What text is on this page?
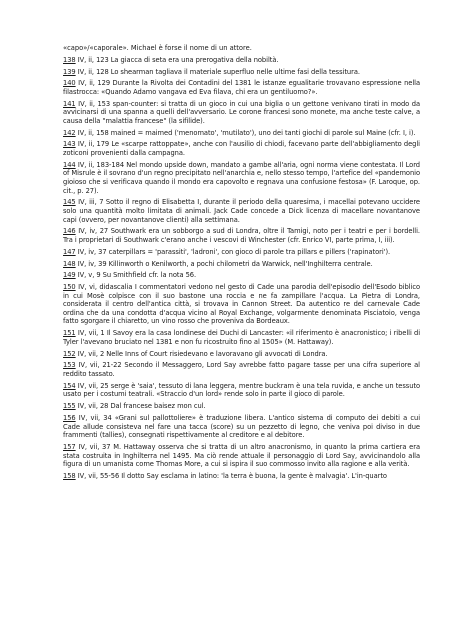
«capo»/«caporale». Michael è forse il nome di un attore.

138 IV, ii, 123 La giacca di seta era una prerogativa della nobiltà.

139 IV, ii, 128 Lo shearman tagliava il materiale superfluo nelle ultime fasi della tessitura.

140 IV, ii, 129 Durante la Rivolta dei Contadini del 1381 le istanze egualitarie trovavano espressione nella filastrocca: «Quando Adamo vangava ed Eva filava, chi era un gentiluomo?».

141 IV, ii, 153 span-counter: si tratta di un gioco in cui una biglia o un gettone venivano tirati in modo da avvicinarsi di una spanna a quelli dell'avversario. Le corone francesi sono monete, ma anche teste calve, a causa della "malattia francese" (la sifilide).

142 IV, ii, 158 mained = maimed ('menomato', 'mutilato'), uno dei tanti giochi di parole sul Maine (cfr. I, i).

143 IV, ii, 179 Le «scarpe rattoppate», anche con l'ausilio di chiodi, facevano parte dell'abbigliamento degli zoticoni provenienti dalla campagna.

144 IV, ii, 183-184 Nel mondo upside down, mandato a gambe all'aria, ogni norma viene contestata. Il Lord of Misrule è il sovrano d'un regno precipitato nell'anarchia e, nello stesso tempo, l'artefice del «pandemonio gioioso che si verificava quando il mondo era capovolto e regnava una confusione festosa» (F. Laroque, op. cit., p. 27).

145 IV, iii, 7 Sotto il regno di Elisabetta I, durante il periodo della quaresima, i macellai potevano uccidere solo una quantità molto limitata di animali. Jack Cade concede a Dick licenza di macellare novantanove capi (ovvero, per novantanove clienti) alla settimana.

146 IV, iv, 27 Southwark era un sobborgo a sud di Londra, oltre il Tamigi, noto per i teatri e per i bordelli. Tra i proprietari di Southwark c'erano anche i vescovi di Winchester (cfr. Enrico VI, parte prima, I, iii).

147 IV, iv, 37 caterpillars = 'parassiti', 'ladroni', con gioco di parole tra pillars e pillers ('rapinatori').

148 IV, iv, 39 Killinworth o Kenilworth, a pochi chilometri da Warwick, nell'Inghilterra centrale.

149 IV, v, 9 Su Smithfield cfr. la nota 56.

150 IV, vi, didascalia I commentatori vedono nel gesto di Cade una parodia dell'episodio dell'Esodo biblico in cui Mosè colpisce con il suo bastone una roccia e ne fa zampillare l'acqua. La Pietra di Londra, considerata il centro dell'antica città, si trovava in Cannon Street. Da autentico re del carnevale Cade ordina che da una condotta d'acqua vicino al Royal Exchange, volgarmente denominata Pisciatoio, venga fatto sgorgare il chiaretto, un vino rosso che proveniva da Bordeaux.

151 IV, vii, 1 Il Savoy era la casa londinese dei Duchi di Lancaster: «il riferimento è anacronistico; i ribelli di Tyler l'avevano bruciato nel 1381 e non fu ricostruito fino al 1505» (M. Hattaway).

152 IV, vii, 2 Nelle Inns of Court risiedevano e lavoravano gli avvocati di Londra.

153 IV, vii, 21-22 Secondo il Messaggero, Lord Say avrebbe fatto pagare tasse per una cifra superiore al reddito tassato.

154 IV, vii, 25 serge è 'saia', tessuto di lana leggera, mentre buckram è una tela ruvida, e anche un tessuto usato per i costumi teatrali. «Straccio d'un lord» rende solo in parte il gioco di parole.

155 IV, vii, 28 Dal francese baisez mon cul.

156 IV, vii, 34 «Grani sul pallottoliere» è traduzione libera. L'antico sistema di computo dei debiti a cui Cade allude consisteva nel fare una tacca (score) su un pezzetto di legno, che veniva poi diviso in due frammenti (tallies), consegnati rispettivamente al creditore e al debitore.

157 IV, vii, 37 M. Hattaway osserva che si tratta di un altro anacronismo, in quanto la prima cartiera era stata costruita in Inghilterra nel 1495. Ma ciò rende attuale il personaggio di Lord Say, avvicinandolo alla figura di un umanista come Thomas More, a cui si ispira il suo commosso invito alla ragione e alla verità.

158 IV, vii, 55-56 Il dotto Say esclama in latino: 'la terra è buona, la gente è malvagia'. L'in-quarto
